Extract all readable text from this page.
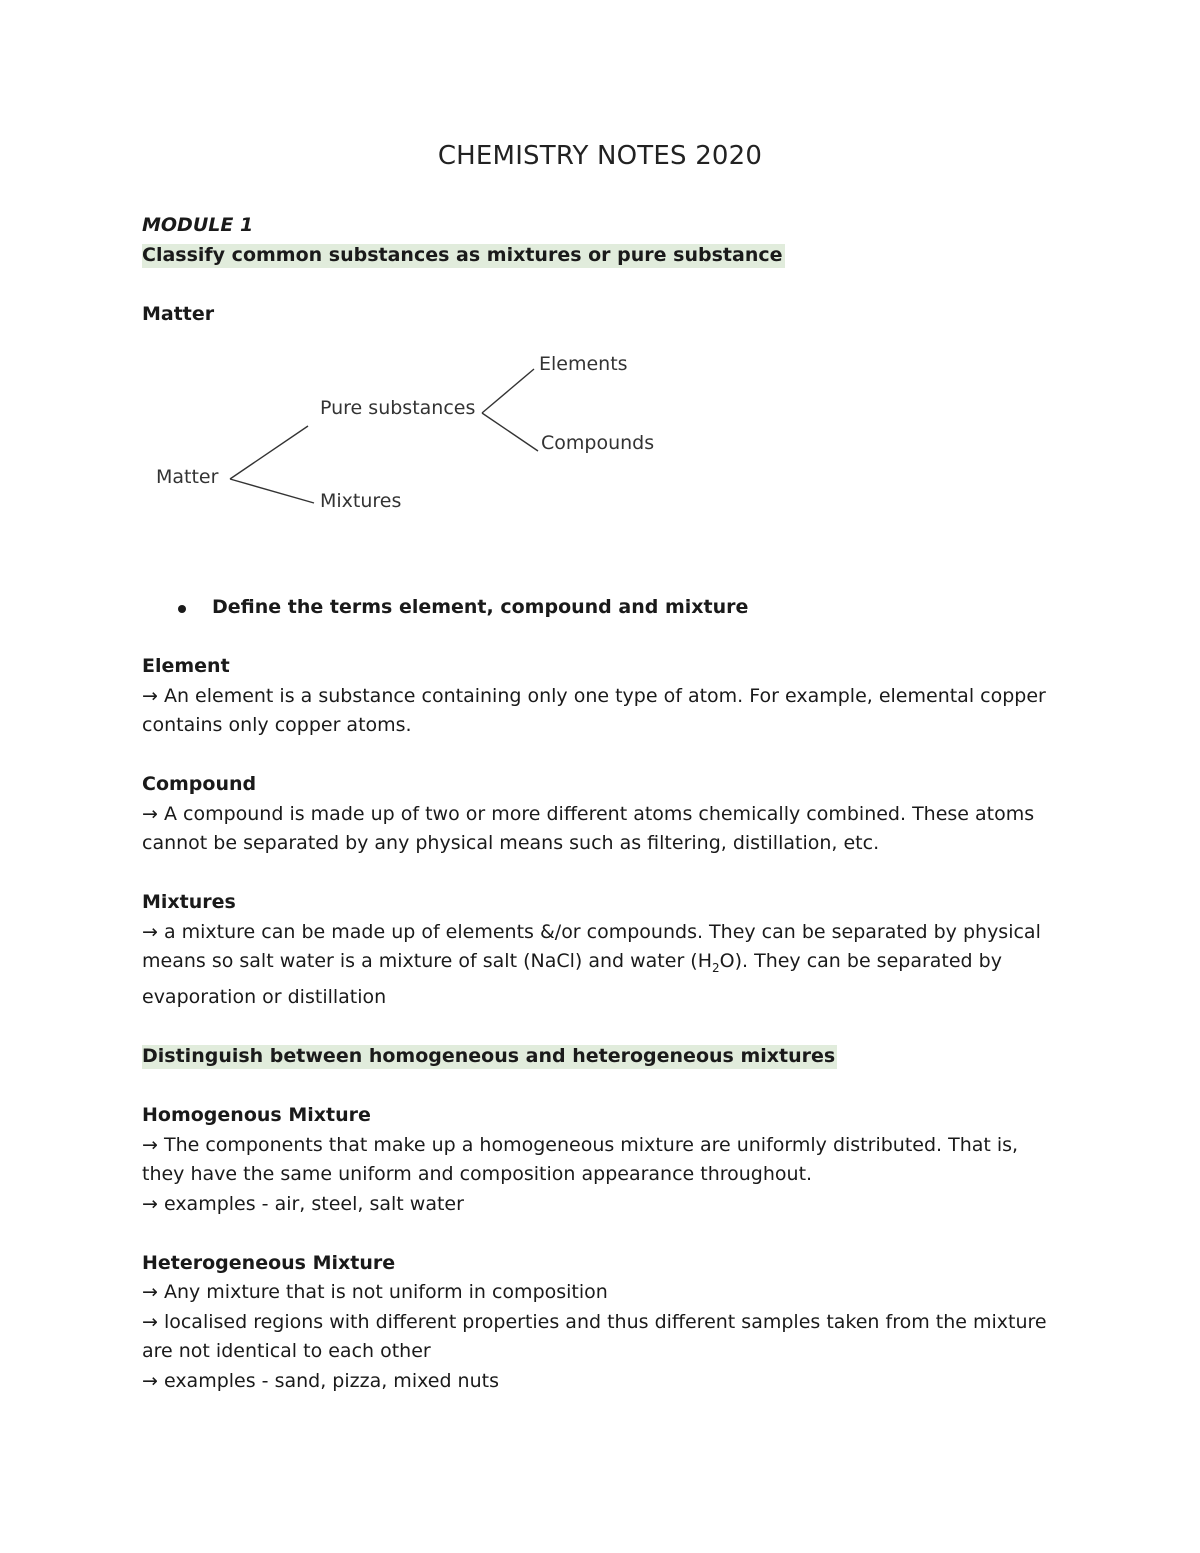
CHEMISTRY NOTES 2020
MODULE 1
Classify common substances as mixtures or pure substance
Matter
Matter
Pure substances
Mixtures
Elements
Compounds
Define the terms element, compound and mixture
Element
→ An element is a substance containing only one type of atom. For example, elemental copper
contains only copper atoms.
Compound
→ A compound is made up of two or more different atoms chemically combined. These atoms
cannot be separated by any physical means such as filtering, distillation, etc.
Mixtures
→ a mixture can be made up of elements &/or compounds. They can be separated by physical
means so salt water is a mixture of salt (NaCl) and water $(H_2O)$. They can be separated by
evaporation or distillation
Distinguish between homogeneous and heterogeneous mixtures
Homogenous Mixture
→ The components that make up a homogeneous mixture are uniformly distributed. That is,
they have the same uniform and composition appearance throughout.
→ examples - air, steel, salt water
Heterogeneous Mixture
→ Any mixture that is not uniform in composition
→ localised regions with different properties and thus different samples taken from the mixture
are not identical to each other
→ examples - sand, pizza, mixed nuts
